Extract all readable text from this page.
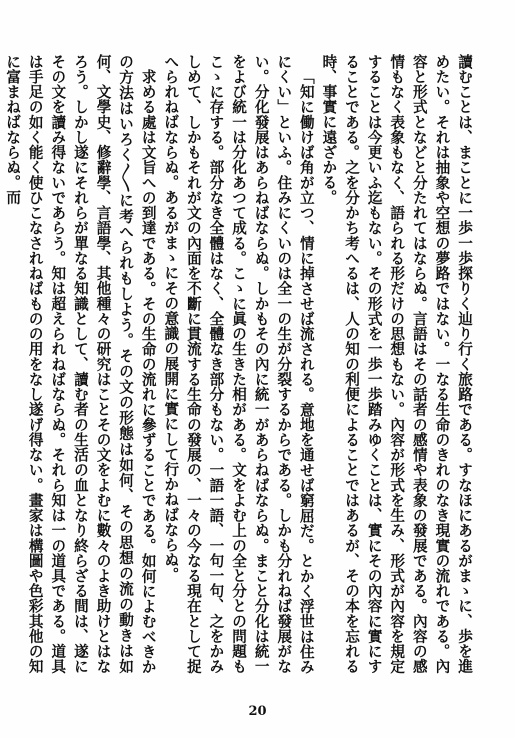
讀むことは、まことに一歩一歩探りく辿り行く旅路である。すなほにあるがまゝに、歩を進めたい。それは抽象や空想の夢路ではない。一なる生命のきれのなき現實の流れである。內容と形式となどと分たれてはならぬ。言語はその話者の感情や表象の發展である。內容の感情もなく表象もなく、語られる形だけの思想もない。內容が形式を生み、形式が內容を規定することは今更いふ迄もない。その形式を一歩一歩踏みゆくことは、實にその內容に實にすることである。之を分かち考へるは、人の知の利便によることではあるが、その本を忘れる時、事實に遠ざかる。

「知に働けば角が立つ、情に掉させば流される。意地を通せば窮屈だ。とかく浮世は住みにくい」といふ。住みにくいのは全一の生が分裂するからである。しかも分れねば發展がない。分化發展はあらねばならぬ。しかもその內に統一があらねばならぬ。まこと分化は統一をよび統一は分化あつて成る。こゝに眞の生きた相がある。文をよむ上の全と分との問題もこゝに存する。部分なき全體はなく、全體なき部分もない。一語一語、一句一句、之をかみしめて、しかもそれが文の內面を不斷に貫流する生命の發展の、一々の今なる現在として捉へられねばならぬ。あるがまゝにその意識の展開に實にして行かねばならぬ。

求める處は文旨への到達である。その生命の流れに參ずることである。如何によむべきかの方法はいろく〱に考へられもしよう。その文の形態は如何、その思想の流の動きは如何、文學史、修辭學、言語學、其他種々の研究はことその文をよむに數々のよき助けとはなろう。しかし遂にそれらが單なる知識として、讀む者の生活の血となり終らざる間は、遂にその文を讀み得ないであらう。知は超えられねばならぬ。それら知は一の道具である。道具は手足の如く能く使ひこなされねばものの用をなし遂げ得ない。畫家は構圖や色彩其他の知に富まねばならぬ。而

20
